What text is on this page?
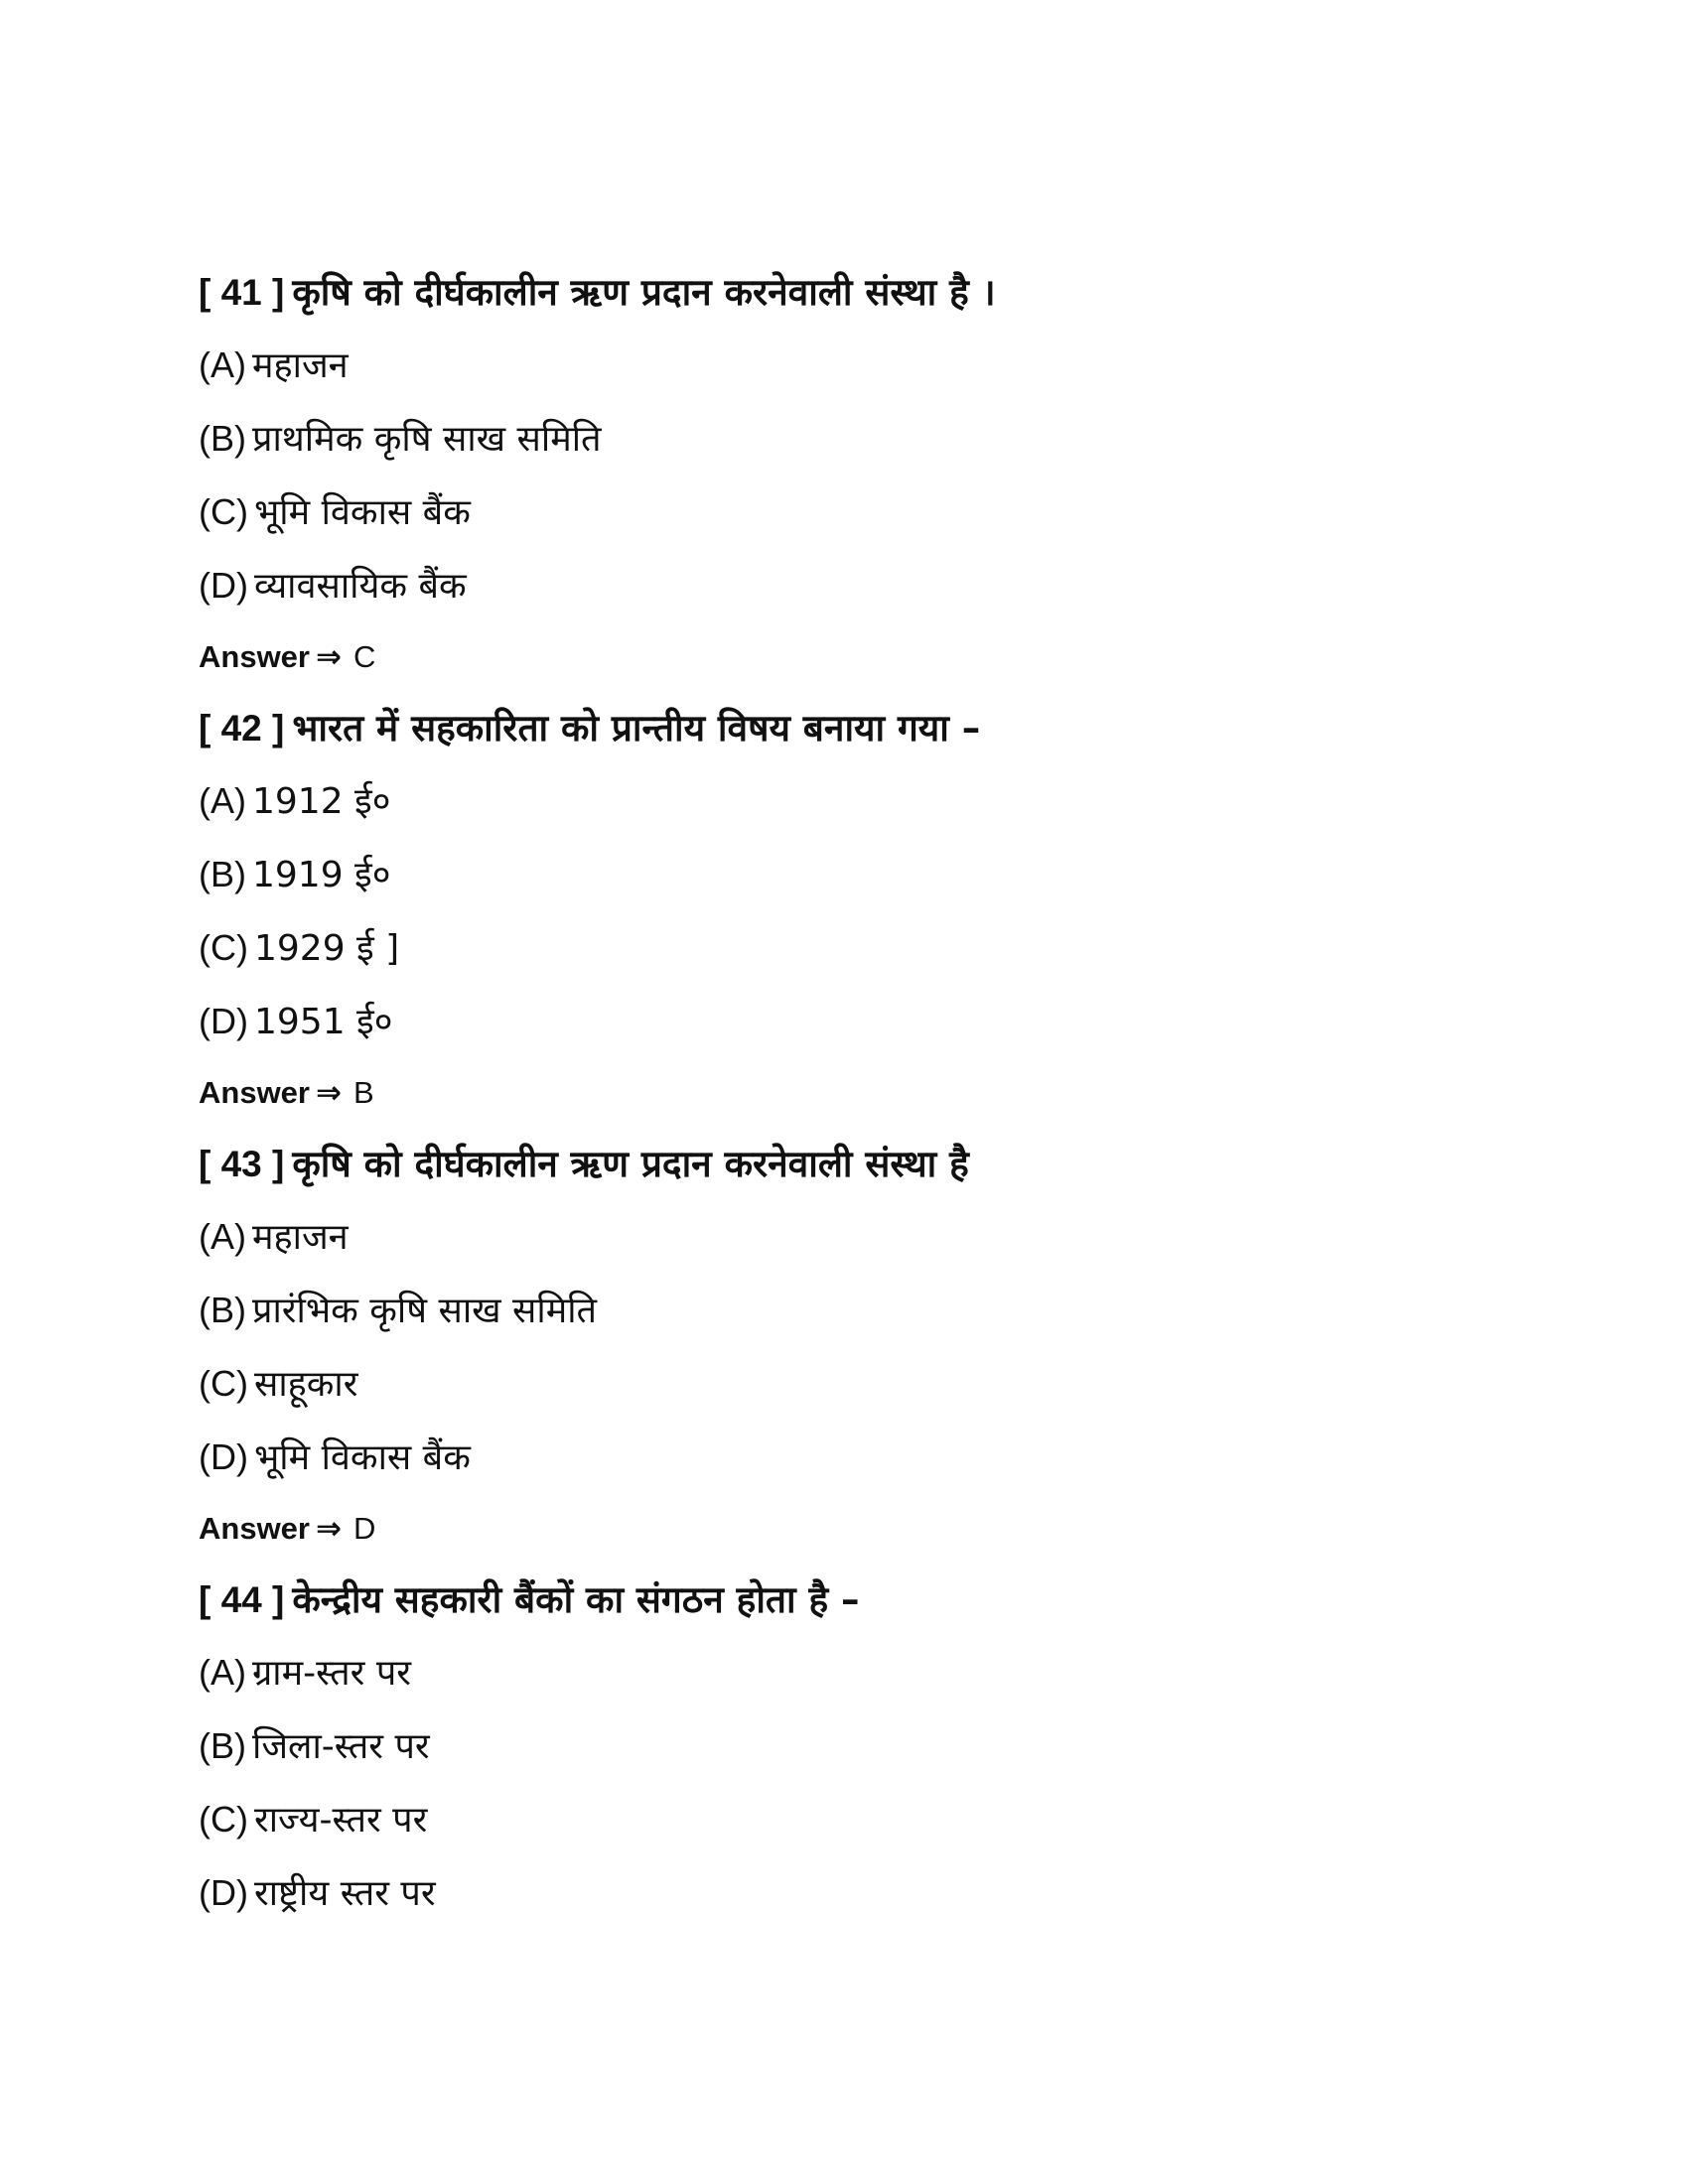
[ 41 ] कृषि को दीर्घकालीन ऋण प्रदान करनेवाली संस्था है ।
(A) महाजन
(B) प्राथमिक कृषि साख समिति
(C) भूमि विकास बैंक
(D) व्यावसायिक बैंक
Answer ⇒ C
[ 42 ] भारत में सहकारिता को प्रान्तीय विषय बनाया गया –
(A) 1912 ई०
(B) 1919 ई०
(C) 1929 ई ]
(D) 1951 ई०
Answer ⇒ B
[ 43 ] कृषि को दीर्घकालीन ऋण प्रदान करनेवाली संस्था है
(A) महाजन
(B) प्रारंभिक कृषि साख समिति
(C) साहूकार
(D) भूमि विकास बैंक
Answer ⇒ D
[ 44 ] केन्द्रीय सहकारी बैंकों का संगठन होता है –
(A) ग्राम-स्तर पर
(B) जिला-स्तर पर
(C) राज्य-स्तर पर
(D) राष्ट्रीय स्तर पर
